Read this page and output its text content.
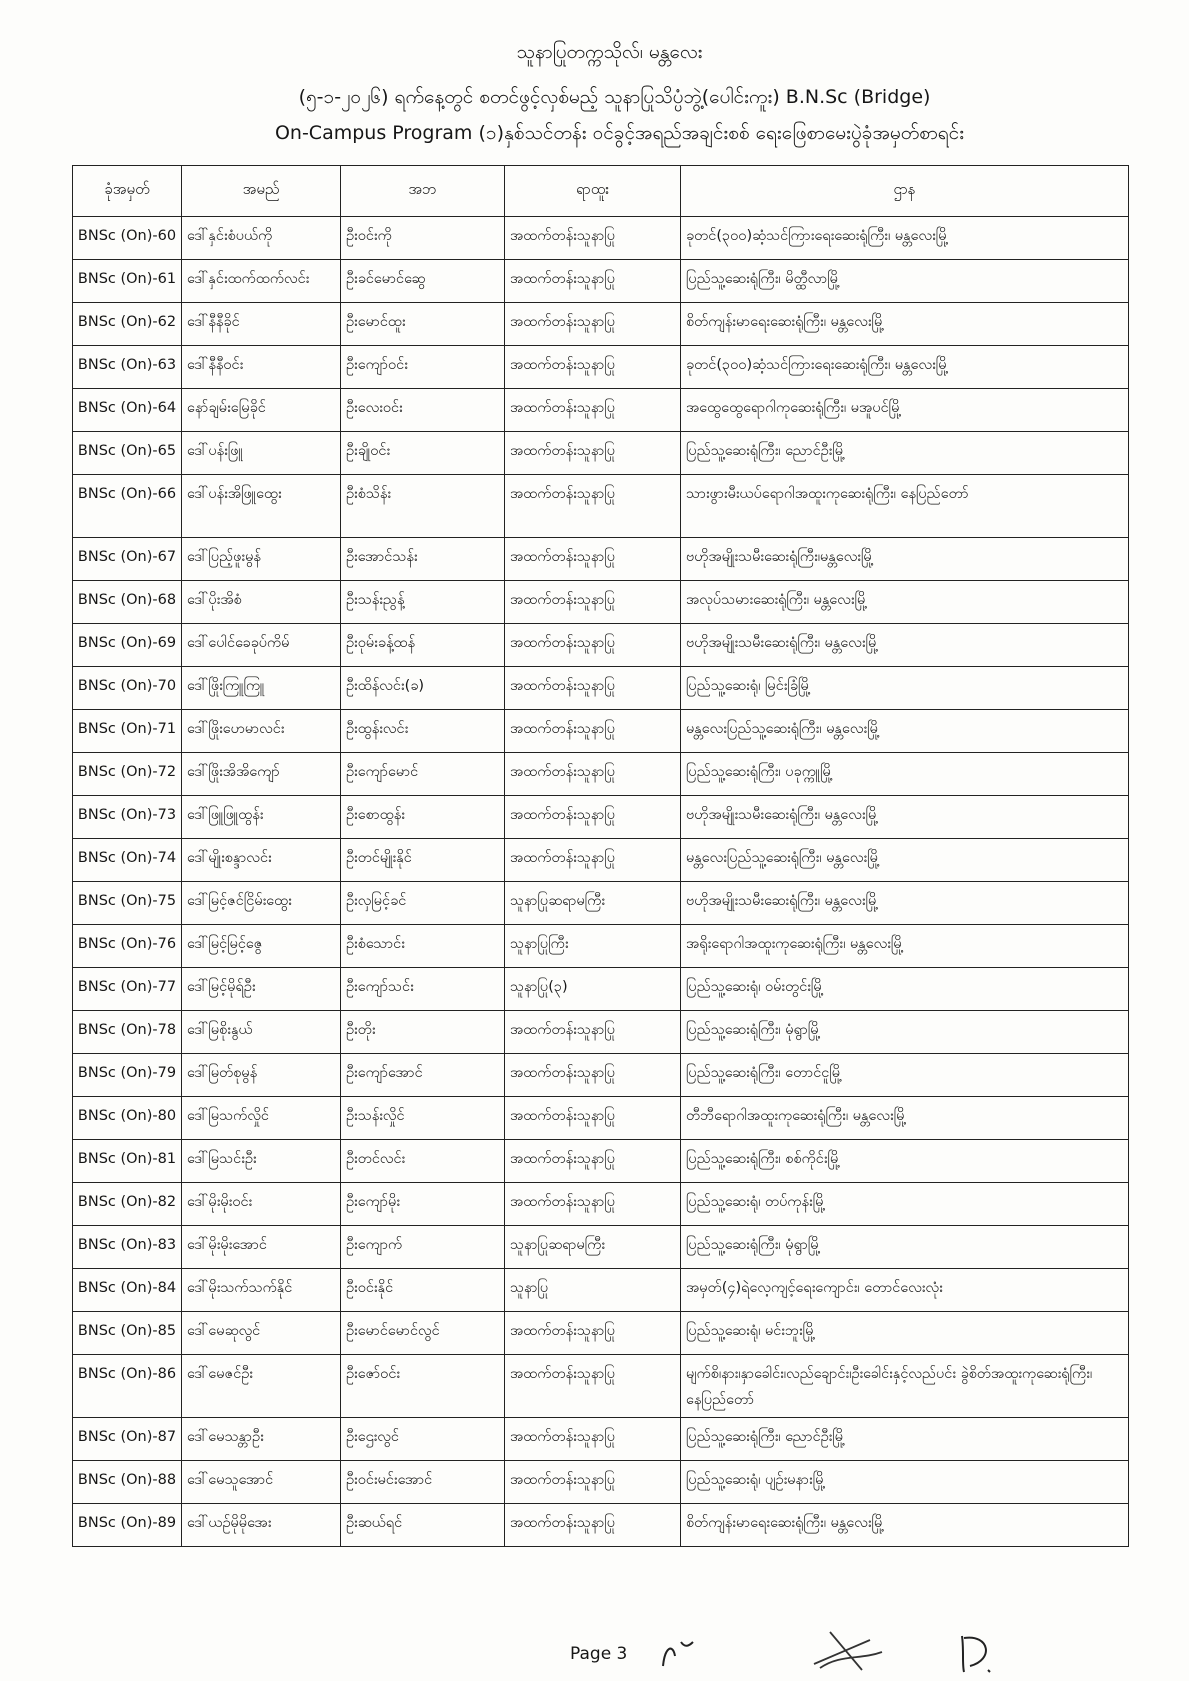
သူနာပြုတက္ကသိုလ်၊ မန္တလေး
(၅-၁-၂၀၂၆) ရက်နေ့တွင် စတင်ဖွင့်လှစ်မည့် သူနာပြုသိပ္ပံဘွဲ့(ပေါင်းကူး) B.N.Sc (Bridge)
On-Campus Program (၁)နှစ်သင်တန်း ဝင်ခွင့်အရည်အချင်းစစ် ရေးဖြေစာမေးပွဲခုံအမှတ်စာရင်း
ခုံအမှတ်	အမည်	အဘ	ရာထူး	ဌာန
BNSc (On)-60	ဒေါ်နှင်းစံပယ်ကို	ဦးဝင်းကို	အထက်တန်းသူနာပြု	ခုတင်(၃၀၀)ဆံ့သင်ကြားရေးဆေးရုံကြီး၊ မန္တလေးမြို့
BNSc (On)-61	ဒေါ်နှင်းထက်ထက်လင်း	ဦးခင်မောင်ဆွေ	အထက်တန်းသူနာပြု	ပြည်သူ့ဆေးရုံကြီး၊ မိတ္ထီလာမြို့
BNSc (On)-62	ဒေါ်နီနီခိုင်	ဦးမောင်ထူး	အထက်တန်းသူနာပြု	စိတ်ကျန်းမာရေးဆေးရုံကြီး၊ မန္တလေးမြို့
BNSc (On)-63	ဒေါ်နီနီဝင်း	ဦးကျော်ဝင်း	အထက်တန်းသူနာပြု	ခုတင်(၃၀၀)ဆံ့သင်ကြားရေးဆေးရုံကြီး၊ မန္တလေးမြို့
BNSc (On)-64	နော်ချမ်းမြေခိုင်	ဦးလေးဝင်း	အထက်တန်းသူနာပြု	အထွေထွေရောဂါကုဆေးရုံကြီး၊ မအူပင်မြို့
BNSc (On)-65	ဒေါ်ပန်းဖြူ	ဦးချိုဝင်း	အထက်တန်းသူနာပြု	ပြည်သူ့ဆေးရုံကြီး၊ ညောင်ဦးမြို့
BNSc (On)-66	ဒေါ်ပန်းအိဖြူထွေး	ဦးစံသိန်း	အထက်တန်းသူနာပြု	သားဖွားမီးယပ်ရောဂါအထူးကုဆေးရုံကြီး၊ နေပြည်တော်
BNSc (On)-67	ဒေါ်ပြည့်ဖူးမွန်	ဦးအောင်သန်း	အထက်တန်းသူနာပြု	ဗဟိုအမျိုးသမီးဆေးရုံကြီး၊မန္တလေးမြို့
BNSc (On)-68	ဒေါ်ပိုးအိစံ	ဦးသန်းညွန့်	အထက်တန်းသူနာပြု	အလုပ်သမားဆေးရုံကြီး၊ မန္တလေးမြို့
BNSc (On)-69	ဒေါ်ပေါင်ခေခုပ်ကိမ်	ဦးဝုမ်းခန့်ထန်	အထက်တန်းသူနာပြု	ဗဟိုအမျိုးသမီးဆေးရုံကြီး၊ မန္တလေးမြို့
BNSc (On)-70	ဒေါ်ဖြိုးကြူကြူ	ဦးထိန်လင်း(ခ)	အထက်တန်းသူနာပြု	ပြည်သူ့ဆေးရုံ၊ မြင်းခြံမြို့
BNSc (On)-71	ဒေါ်ဖြိုးဟေမာလင်း	ဦးထွန်းလင်း	အထက်တန်းသူနာပြု	မန္တလေးပြည်သူ့ဆေးရုံကြီး၊ မန္တလေးမြို့
BNSc (On)-72	ဒေါ်ဖြိုးအိအိကျော်	ဦးကျော်မောင်	အထက်တန်းသူနာပြု	ပြည်သူ့ဆေးရုံကြီး၊ ပခုက္ကူမြို့
BNSc (On)-73	ဒေါ်ဖြူဖြူထွန်း	ဦးစောထွန်း	အထက်တန်းသူနာပြု	ဗဟိုအမျိုးသမီးဆေးရုံကြီး၊ မန္တလေးမြို့
BNSc (On)-74	ဒေါ်မျိုးစန္ဒာလင်း	ဦးတင်မျိုးနိုင်	အထက်တန်းသူနာပြု	မန္တလေးပြည်သူ့ဆေးရုံကြီး၊ မန္တလေးမြို့
BNSc (On)-75	ဒေါ်မြင့်ဇင်ငြိမ်းထွေး	ဦးလှမြင့်ခင်	သူနာပြုဆရာမကြီး	ဗဟိုအမျိုးသမီးဆေးရုံကြီး၊ မန္တလေးမြို့
BNSc (On)-76	ဒေါ်မြင့်မြင့်ဇွေ	ဦးစံသောင်း	သူနာပြုကြီး	အရိုးရောဂါအထူးကုဆေးရုံကြီး၊ မန္တလေးမြို့
BNSc (On)-77	ဒေါ်မြင့်မိုရ်ဦး	ဦးကျော်သင်း	သူနာပြု(၃)	ပြည်သူ့ဆေးရုံ၊ ဝမ်းတွင်းမြို့
BNSc (On)-78	ဒေါ်မြစိုးနွယ်	ဦးတိုး	အထက်တန်းသူနာပြု	ပြည်သူ့ဆေးရုံကြီး၊ မုံရွာမြို့
BNSc (On)-79	ဒေါ်မြတ်စုမွန်	ဦးကျော်အောင်	အထက်တန်းသူနာပြု	ပြည်သူ့ဆေးရုံကြီး၊ တောင်ငူမြို့
BNSc (On)-80	ဒေါ်မြသက်လှိုင်	ဦးသန်းလှိုင်	အထက်တန်းသူနာပြု	တီဘီရောဂါအထူးကုဆေးရုံကြီး၊ မန္တလေးမြို့
BNSc (On)-81	ဒေါ်မြသင်းဦး	ဦးတင်လင်း	အထက်တန်းသူနာပြု	ပြည်သူ့ဆေးရုံကြီး၊ စစ်ကိုင်းမြို့
BNSc (On)-82	ဒေါ်မိုးမိုးဝင်း	ဦးကျော်မိုး	အထက်တန်းသူနာပြု	ပြည်သူ့ဆေးရုံ၊ တပ်ကုန်းမြို့
BNSc (On)-83	ဒေါ်မိုးမိုးအောင်	ဦးကျောက်	သူနာပြုဆရာမကြီး	ပြည်သူ့ဆေးရုံကြီး၊ မုံရွာမြို့
BNSc (On)-84	ဒေါ်မိုးသက်သက်နိုင်	ဦးဝင်းနိုင်	သူနာပြု	အမှတ်(၄)ရဲလေ့ကျင့်ရေးကျောင်း၊ တောင်လေးလုံး
BNSc (On)-85	ဒေါ်မေဆုလွင်	ဦးမောင်မောင်လွင်	အထက်တန်းသူနာပြု	ပြည်သူ့ဆေးရုံ၊ မင်းဘူးမြို့
BNSc (On)-86	ဒေါ်မေဇင်ဦး	ဦးဇော်ဝင်း	အထက်တန်းသူနာပြု	မျက်စိ၊နား၊နှာခေါင်း၊လည်ချောင်း၊ဦးခေါင်းနှင့်လည်ပင်း ခွဲစိတ်အထူးကုဆေးရုံကြီး၊ နေပြည်တော်
BNSc (On)-87	ဒေါ်မေသန္တာဦး	ဦးဌေးလွင်	အထက်တန်းသူနာပြု	ပြည်သူ့ဆေးရုံကြီး၊ ညောင်ဦးမြို့
BNSc (On)-88	ဒေါ်မေသူအောင်	ဦးဝင်းမင်းအောင်	အထက်တန်းသူနာပြု	ပြည်သူ့ဆေးရုံ၊ ပျဉ်းမနားမြို့
BNSc (On)-89	ဒေါ်ယဉ်မိုမိုအေး	ဦးဆယ်ရင်	အထက်တန်းသူနာပြု	စိတ်ကျန်းမာရေးဆေးရုံကြီး၊ မန္တလေးမြို့
Page 3
